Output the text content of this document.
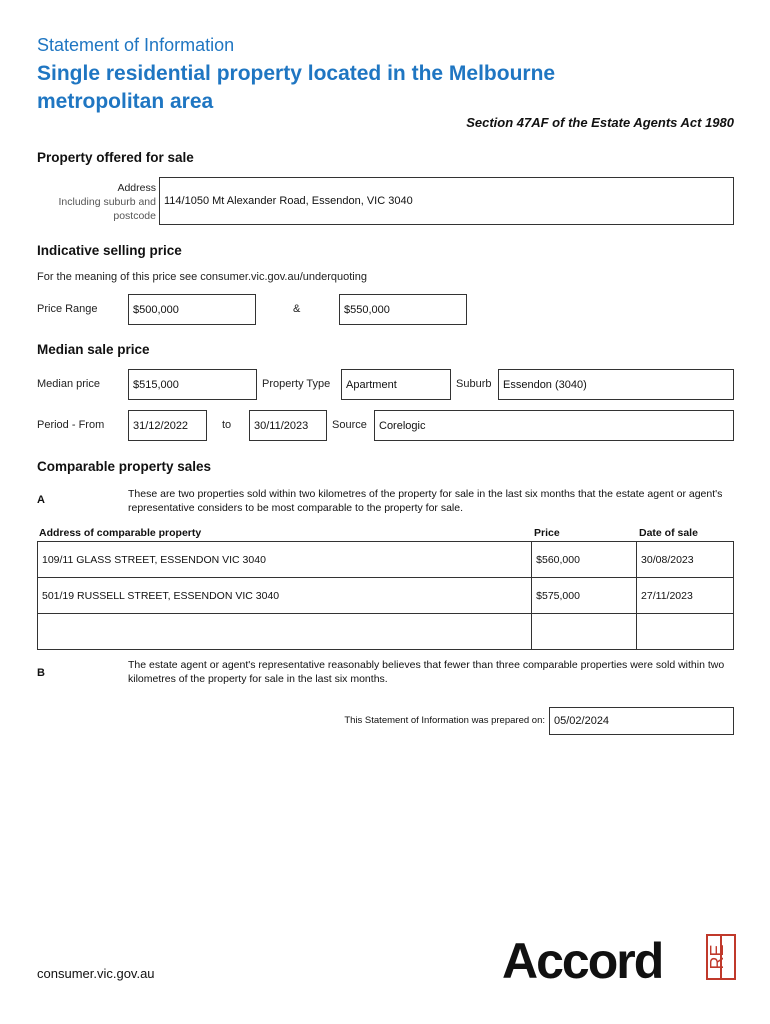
Statement of Information
Single residential property located in the Melbourne metropolitan area
Section 47AF of the Estate Agents Act 1980
Property offered for sale
Address
Including suburb and postcode
114/1050 Mt Alexander Road, Essendon, VIC 3040
Indicative selling price
For the meaning of this price see consumer.vic.gov.au/underquoting
Price Range	$500,000	&	$550,000
Median sale price
Median price	$515,000	Property Type Apartment	Suburb Essendon (3040)
Period - From	31/12/2022	to 30/11/2023 Source Corelogic
Comparable property sales
A	These are two properties sold within two kilometres of the property for sale in the last six months that the estate agent or agent's representative considers to be most comparable to the property for sale.
Address of comparable property	Price	Date of sale
109/11 GLASS STREET, ESSENDON VIC 3040	$560,000	30/08/2023
501/19 RUSSELL STREET, ESSENDON VIC 3040	$575,000	27/11/2023

B
The estate agent or agent's representative reasonably believes that fewer than three comparable properties were sold within two kilometres of the property for sale in the last six months.
This Statement of Information was prepared on: 05/02/2024
consumer.vic.gov.au	Accord RE
